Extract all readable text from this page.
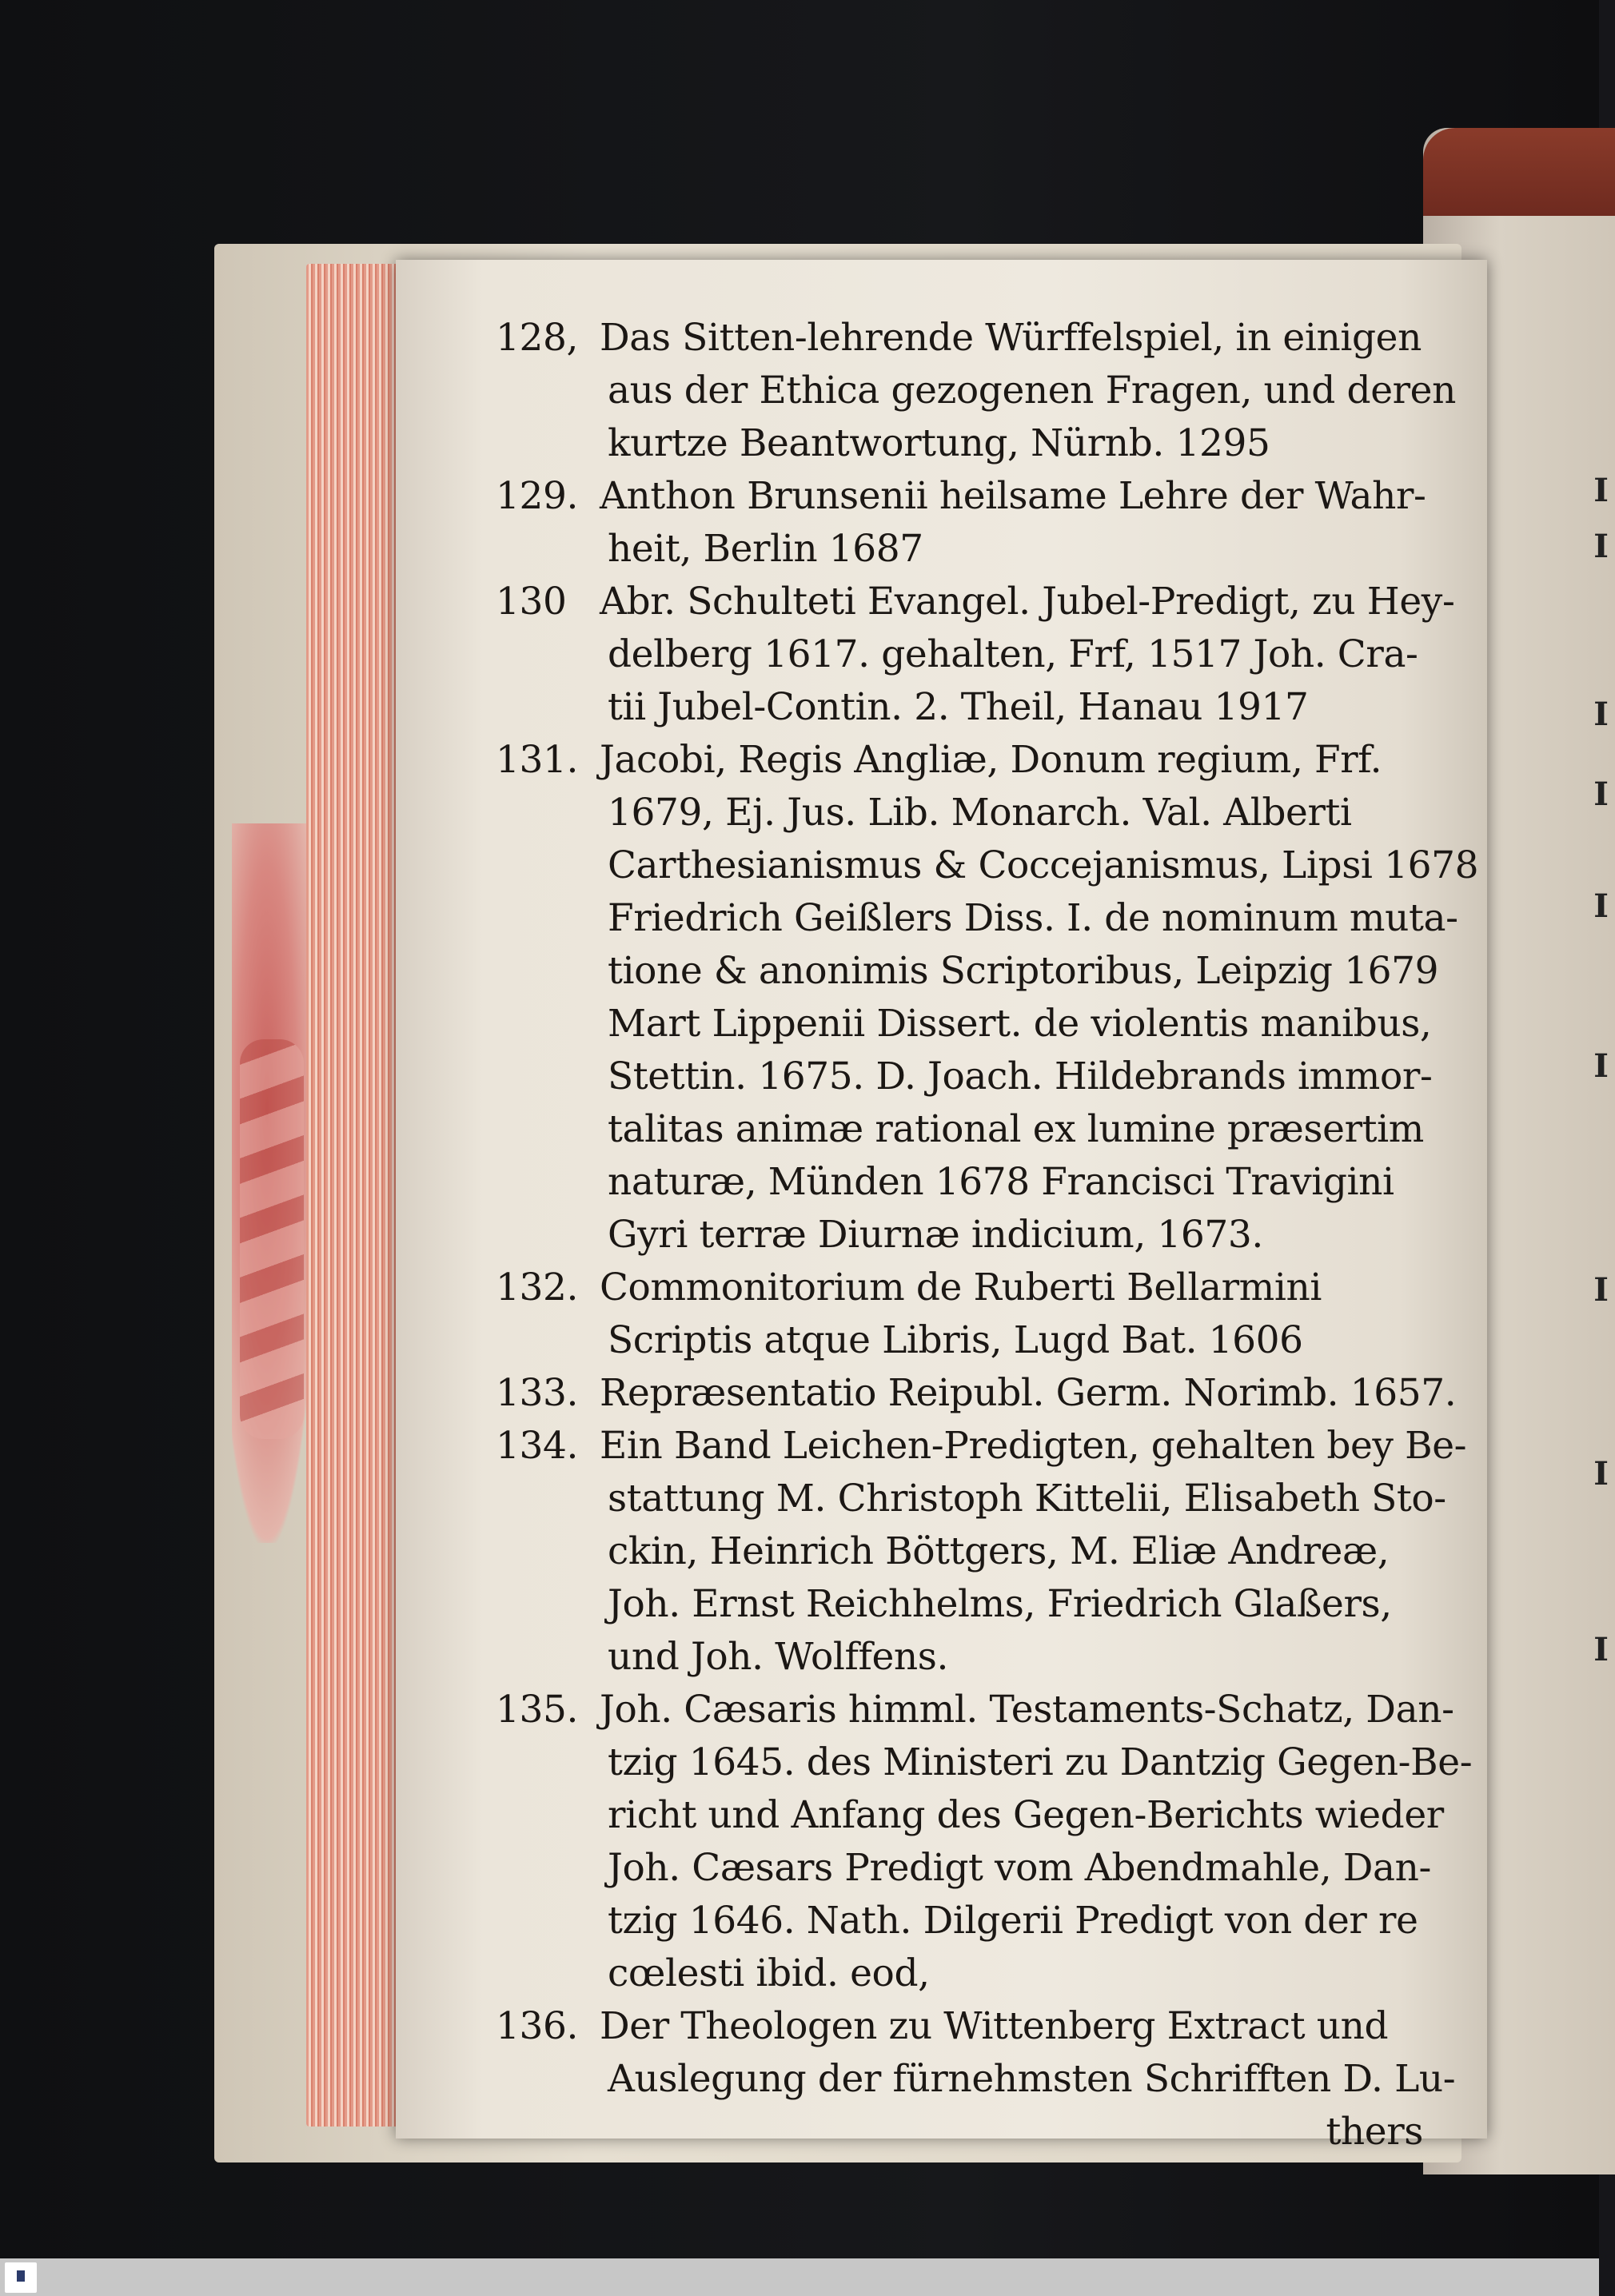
I
I
I
I
I
I
I
I
I
128, Das Sitten-lehrende Würffelspiel, in einigen
aus der Ethica gezogenen Fragen, und deren
kurtze Beantwortung, Nürnb. 1295
129. Anthon Brunsenii heilsame Lehre der Wahr-
heit, Berlin 1687
130 Abr. Schulteti Evangel. Jubel-Predigt, zu Hey-
delberg 1617. gehalten, Frf, 1517 Joh. Cra-
tii Jubel-Contin. 2. Theil, Hanau 1917
131. Jacobi, Regis Angliæ, Donum regium, Frf.
1679, Ej. Jus. Lib. Monarch. Val. Alberti
Carthesianismus & Coccejanismus, Lipsi 1678
Friedrich Geißlers Diss. I. de nominum muta-
tione & anonimis Scriptoribus, Leipzig 1679
Mart Lippenii Dissert. de violentis manibus,
Stettin. 1675. D. Joach. Hildebrands immor-
talitas animæ rational ex lumine præsertim
naturæ, Münden 1678 Francisci Travigini
Gyri terræ Diurnæ indicium, 1673.
132. Commonitorium de Ruberti Bellarmini
Scriptis atque Libris, Lugd Bat. 1606
133. Repræsentatio Reipubl. Germ. Norimb. 1657.
134. Ein Band Leichen-Predigten, gehalten bey Be-
stattung M. Christoph Kittelii, Elisabeth Sto-
ckin, Heinrich Böttgers, M. Eliæ Andreæ,
Joh. Ernst Reichhelms, Friedrich Glaßers,
und Joh. Wolffens.
135. Joh. Cæsaris himml. Testaments-Schatz, Dan-
tzig 1645. des Ministeri zu Dantzig Gegen-Be-
richt und Anfang des Gegen-Berichts wieder
Joh. Cæsars Predigt vom Abendmahle, Dan-
tzig 1646. Nath. Dilgerii Predigt von der re
cœlesti ibid. eod,
136. Der Theologen zu Wittenberg Extract und
Auslegung der fürnehmsten Schrifften D. Lu-
thers
